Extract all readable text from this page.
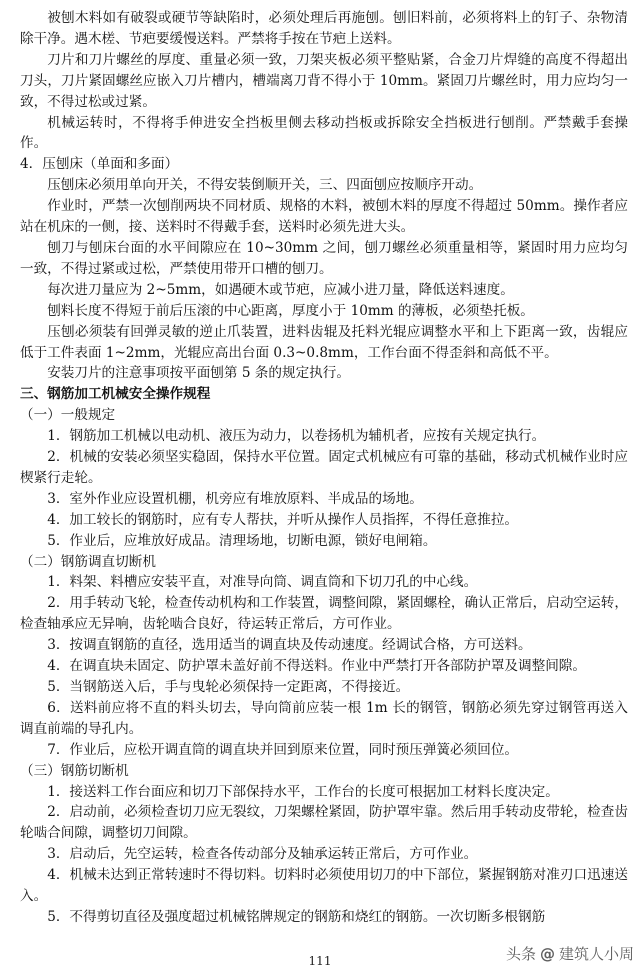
被刨木料如有破裂或硬节等缺陷时，必须处理后再施刨。刨旧料前，必须将料上的钉子、杂物清除干净。遇木槎、节疤要缓慢送料。严禁将手按在节疤上送料。

刀片和刀片螺丝的厚度、重量必须一致，刀架夹板必须平整贴紧，合金刀片焊缝的高度不得超出刀头，刀片紧固螺丝应嵌入刀片槽内，槽端离刀背不得小于 10mm。紧固刀片螺丝时，用力应均匀一致，不得过松或过紧。

机械运转时，不得将手伸进安全挡板里侧去移动挡板或拆除安全挡板进行刨削。严禁戴手套操作。

4．压刨床（单面和多面）

压刨床必须用单向开关，不得安装倒顺开关，三、四面刨应按顺序开动。

作业时，严禁一次刨削两块不同材质、规格的木料，被刨木料的厚度不得超过 50mm。操作者应站在机床的一侧，接、送料时不得戴手套，送料时必须先进大头。

刨刀与刨床台面的水平间隙应在 10~30mm 之间，刨刀螺丝必须重量相等，紧固时用力应均匀一致，不得过紧或过松，严禁使用带开口槽的刨刀。

每次进刀量应为 2~5mm，如遇硬木或节疤，应减小进刀量，降低送料速度。

刨料长度不得短于前后压滚的中心距离，厚度小于 10mm 的薄板，必须垫托板。

压刨必须装有回弹灵敏的逆止爪装置，进料齿辊及托料光辊应调整水平和上下距离一致，齿辊应低于工件表面 1~2mm，光辊应高出台面 0.3~0.8mm，工作台面不得歪斜和高低不平。

安装刀片的注意事项按平面刨第 5 条的规定执行。

三、钢筋加工机械安全操作规程

（一）一般规定

1．钢筋加工机械以电动机、液压为动力，以卷扬机为辅机者，应按有关规定执行。

2．机械的安装必须坚实稳固，保持水平位置。固定式机械应有可靠的基础，移动式机械作业时应楔紧行走轮。

3．室外作业应设置机棚，机旁应有堆放原料、半成品的场地。

4．加工较长的钢筋时，应有专人帮扶，并听从操作人员指挥，不得任意推拉。

5．作业后，应堆放好成品。清理场地，切断电源，锁好电闸箱。

（二）钢筋调直切断机

1．料架、料槽应安装平直，对准导向筒、调直筒和下切刀孔的中心线。

2．用手转动飞轮，检查传动机构和工作装置，调整间隙，紧固螺栓，确认正常后，启动空运转，检查轴承应无异响，齿轮啮合良好，待运转正常后，方可作业。

3．按调直钢筋的直径，选用适当的调直块及传动速度。经调试合格，方可送料。

4．在调直块未固定、防护罩未盖好前不得送料。作业中严禁打开各部防护罩及调整间隙。

5．当钢筋送入后，手与曳轮必须保持一定距离，不得接近。

6．送料前应将不直的料头切去，导向筒前应装一根 1m 长的钢管，钢筋必须先穿过钢管再送入调直前端的导孔内。

7．作业后，应松开调直筒的调直块并回到原来位置，同时预压弹簧必须回位。

（三）钢筋切断机

1．接送料工作台面应和切刀下部保持水平，工作台的长度可根据加工材料长度决定。

2．启动前，必须检查切刀应无裂纹，刀架螺栓紧固，防护罩牢靠。然后用手转动皮带轮，检查齿轮啮合间隙，调整切刀间隙。

3．启动后，先空运转，检查各传动部分及轴承运转正常后，方可作业。

4．机械未达到正常转速时不得切料。切料时必须使用切刀的中下部位，紧握钢筋对准刃口迅速送入。

5．不得剪切直径及强度超过机械铭牌规定的钢筋和烧红的钢筋。一次切断多根钢筋

111	头条 @ 建筑人小周
